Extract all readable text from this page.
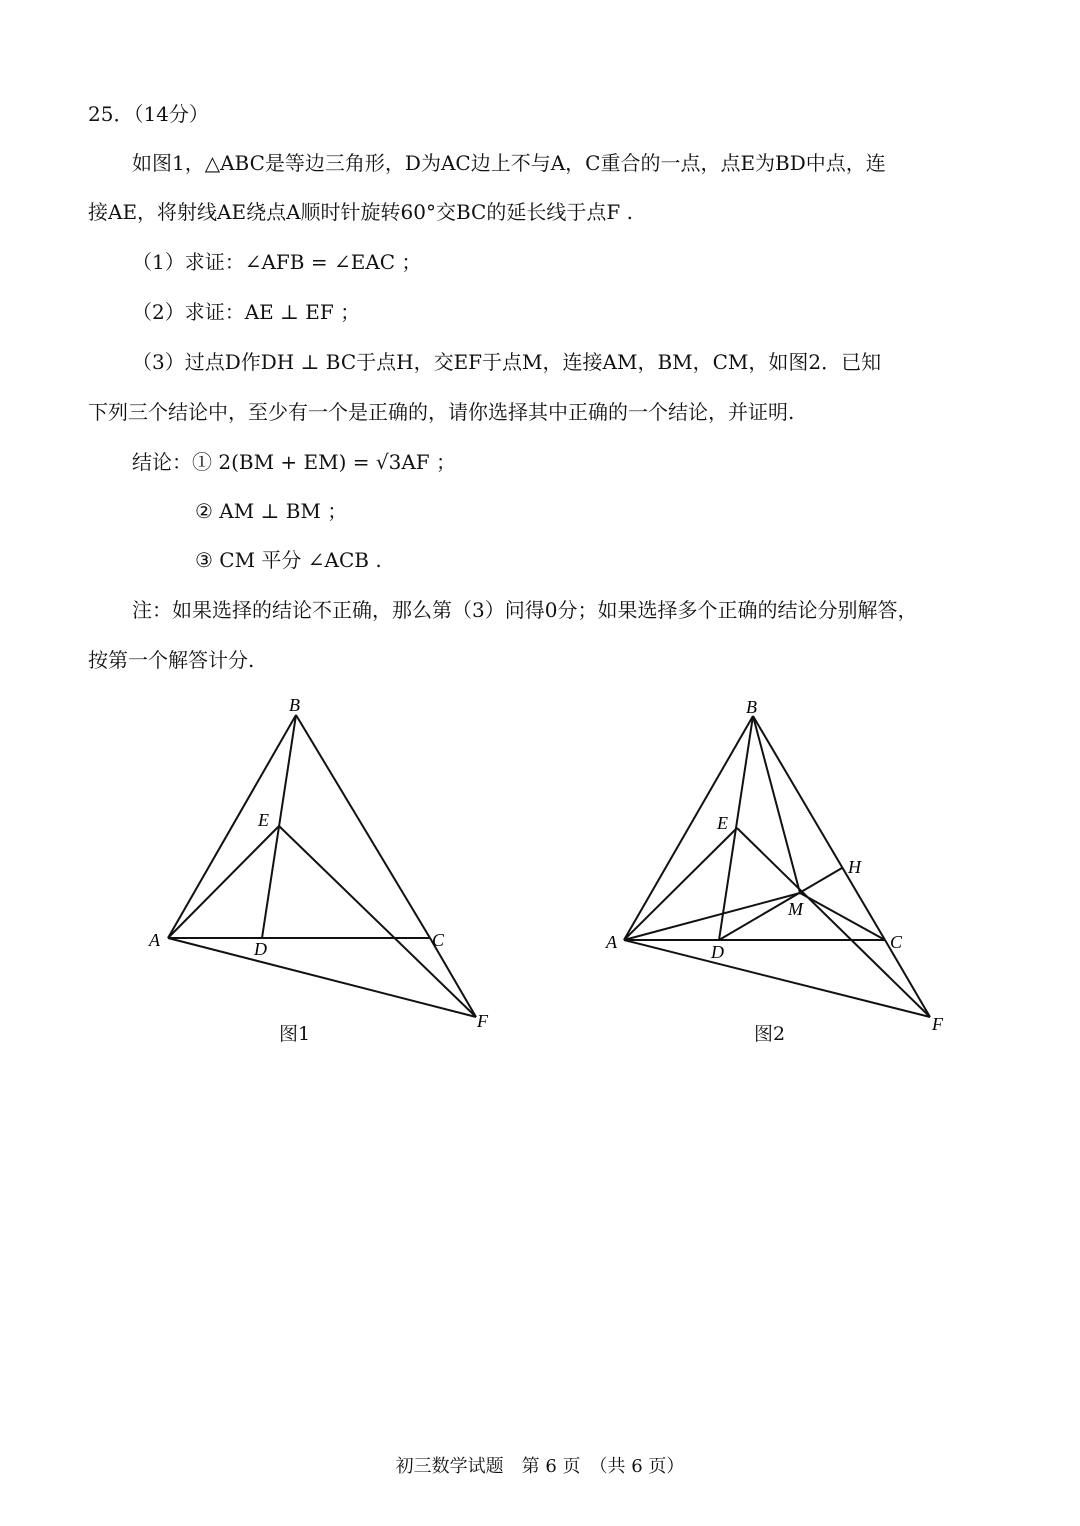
25．（14分）
如图1，△ABC是等边三角形，D为AC边上不与A，C重合的一点，点E为BD中点，连
接AE，将射线AE绕点A顺时针旋转60°交BC的延长线于点F .
（1）求证：∠AFB = ∠EAC ；
（2）求证：AE ⊥ EF ；
（3）过点D作DH ⊥ BC于点H，交EF于点M，连接AM，BM，CM，如图2．已知
下列三个结论中，至少有一个是正确的，请你选择其中正确的一个结论，并证明.
结论：① 2(BM + EM) = √3AF ；
② AM ⊥ BM ；
③ CM 平分 ∠ACB .
注：如果选择的结论不正确，那么第（3）问得0分；如果选择多个正确的结论分别解答，
按第一个解答计分.
B
E
A	D	C
F
B
E
H
M
A	D	C
F
图1	图2
初三数学试题　第 6 页　（共 6 页）
